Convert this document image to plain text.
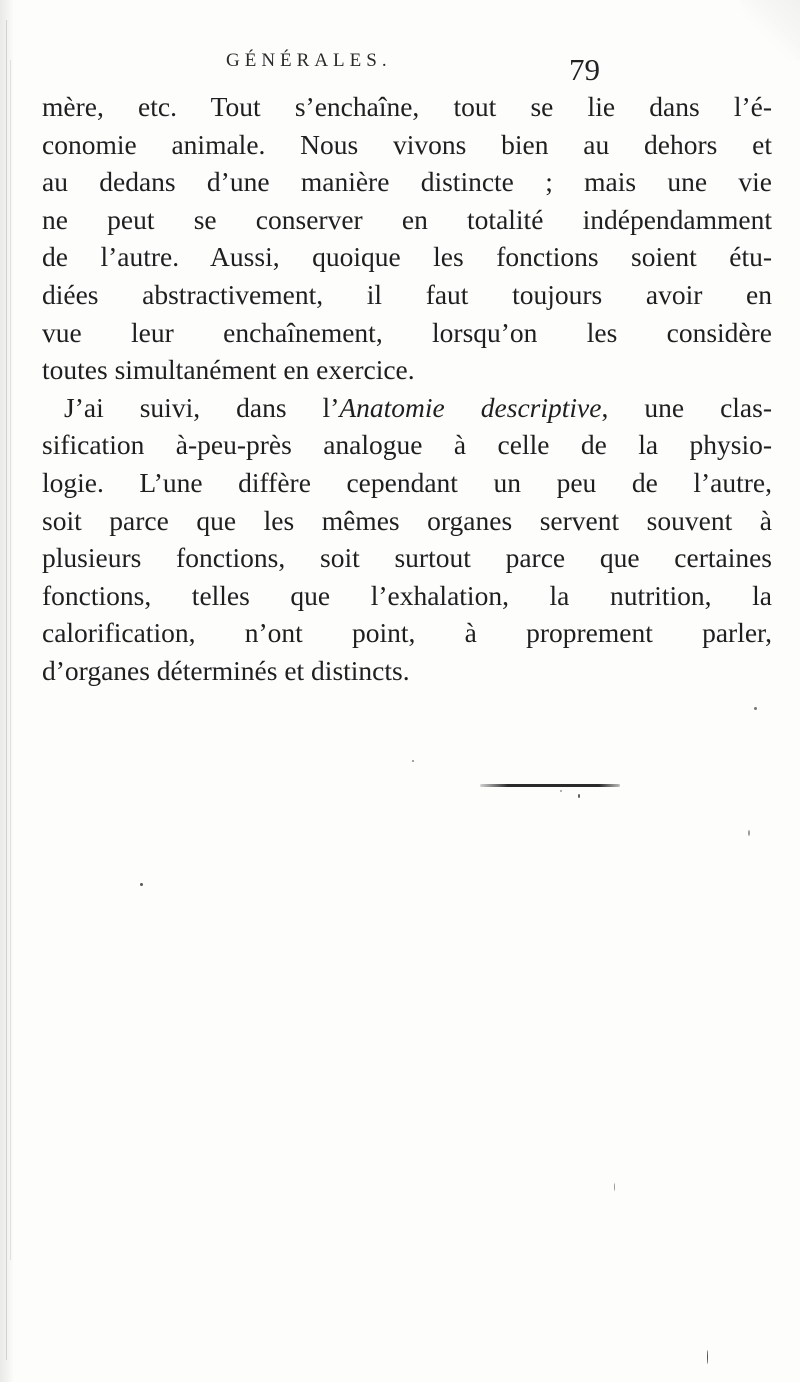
GÉNÉRALES.	79
mère, etc. Tout s’enchaîne, tout se lie dans l’é-
conomie animale. Nous vivons bien au dehors et
au dedans d’une manière distincte ; mais une vie
ne peut se conserver en totalité indépendamment
de l’autre. Aussi, quoique les fonctions soient étu-
diées abstractivement, il faut toujours avoir en
vue leur enchaînement, lorsqu’on les considère
toutes simultanément en exercice.
J’ai suivi, dans l’Anatomie descriptive, une clas-
sification à-peu-près analogue à celle de la physio-
logie. L’une diffère cependant un peu de l’autre,
soit parce que les mêmes organes servent souvent à
plusieurs fonctions, soit surtout parce que certaines
fonctions, telles que l’exhalation, la nutrition, la
calorification, n’ont point, à proprement parler,
d’organes déterminés et distincts.
